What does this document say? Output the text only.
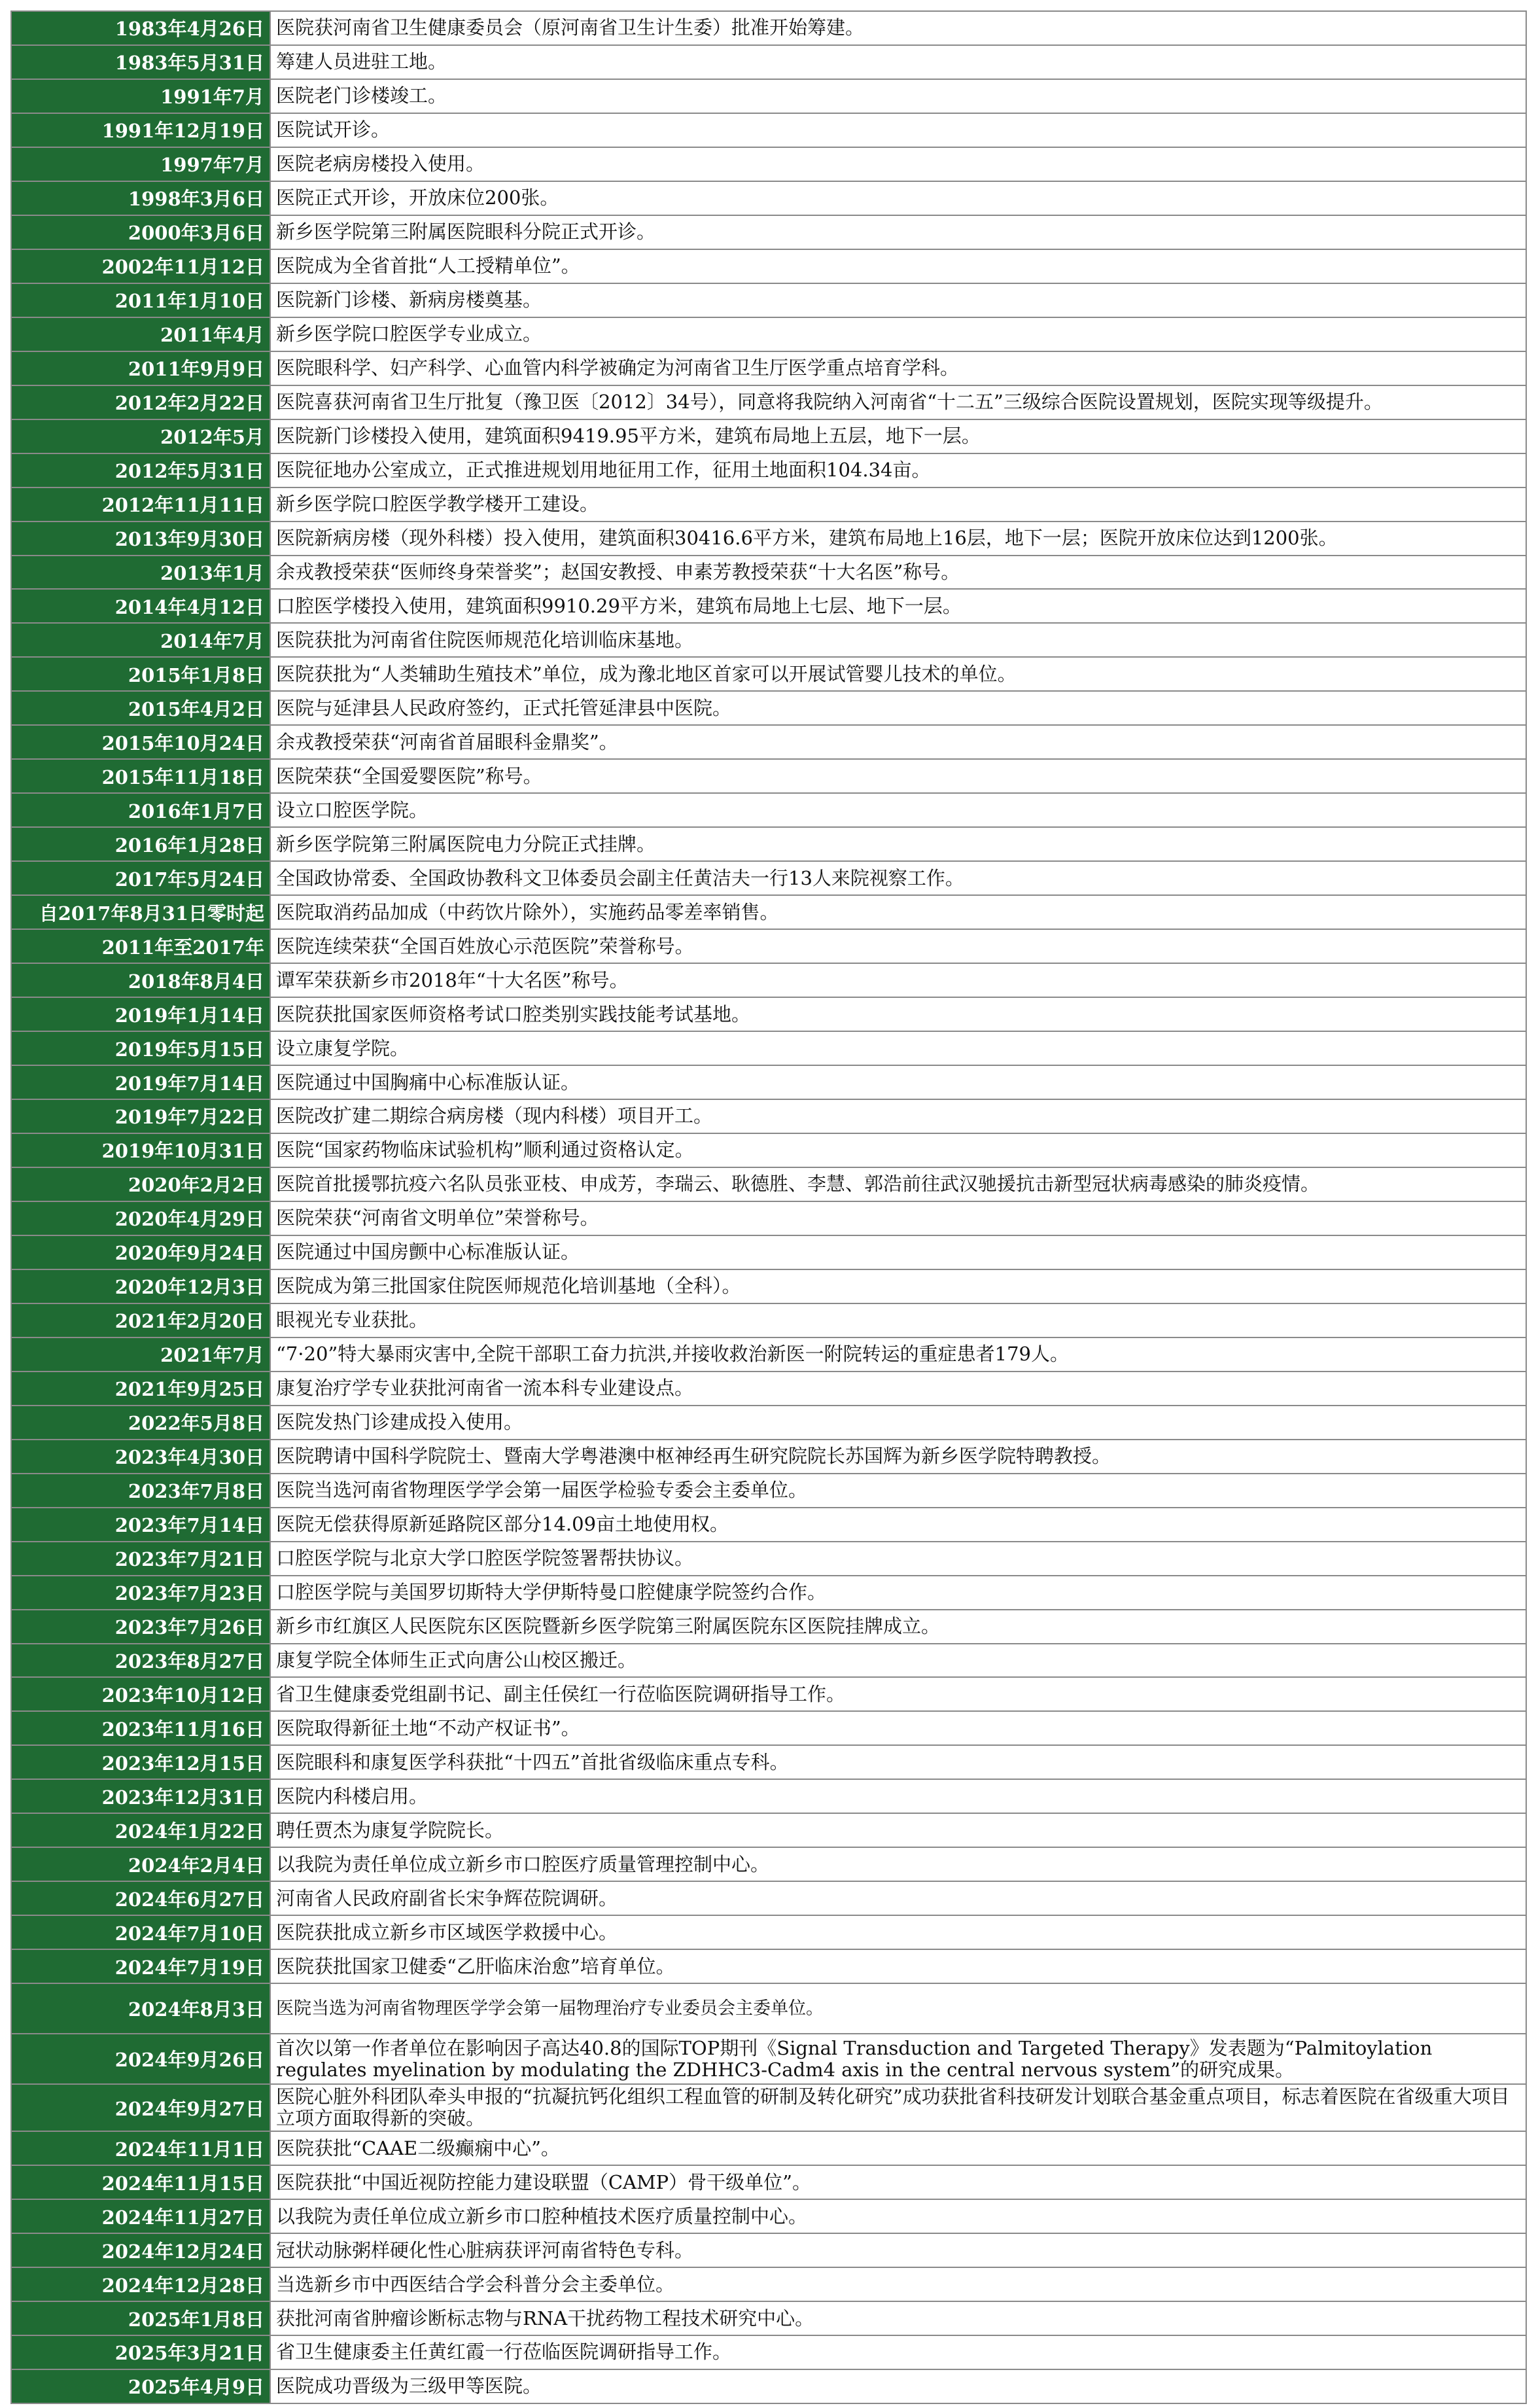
1983年4月26日	医院获河南省卫生健康委员会（原河南省卫生计生委）批准开始筹建。
1983年5月31日	筹建人员进驻工地。
1991年7月	医院老门诊楼竣工。
1991年12月19日	医院试开诊。
1997年7月	医院老病房楼投入使用。
1998年3月6日	医院正式开诊，开放床位200张。
2000年3月6日	新乡医学院第三附属医院眼科分院正式开诊。
2002年11月12日	医院成为全省首批“人工授精单位”。
2011年1月10日	医院新门诊楼、新病房楼奠基。
2011年4月	新乡医学院口腔医学专业成立。
2011年9月9日	医院眼科学、妇产科学、心血管内科学被确定为河南省卫生厅医学重点培育学科。
2012年2月22日	医院喜获河南省卫生厅批复（豫卫医〔2012〕34号），同意将我院纳入河南省“十二五”三级综合医院设置规划，医院实现等级提升。
2012年5月	医院新门诊楼投入使用，建筑面积9419.95平方米，建筑布局地上五层，地下一层。
2012年5月31日	医院征地办公室成立，正式推进规划用地征用工作，征用土地面积104.34亩。
2012年11月11日	新乡医学院口腔医学教学楼开工建设。
2013年9月30日	医院新病房楼（现外科楼）投入使用，建筑面积30416.6平方米，建筑布局地上16层，地下一层；医院开放床位达到1200张。
2013年1月	余戎教授荣获“医师终身荣誉奖”；赵国安教授、申素芳教授荣获“十大名医”称号。
2014年4月12日	口腔医学楼投入使用，建筑面积9910.29平方米，建筑布局地上七层、地下一层。
2014年7月	医院获批为河南省住院医师规范化培训临床基地。
2015年1月8日	医院获批为“人类辅助生殖技术”单位，成为豫北地区首家可以开展试管婴儿技术的单位。
2015年4月2日	医院与延津县人民政府签约，正式托管延津县中医院。
2015年10月24日	余戎教授荣获“河南省首届眼科金鼎奖”。
2015年11月18日	医院荣获“全国爱婴医院”称号。
2016年1月7日	设立口腔医学院。
2016年1月28日	新乡医学院第三附属医院电力分院正式挂牌。
2017年5月24日	全国政协常委、全国政协教科文卫体委员会副主任黄洁夫一行13人来院视察工作。
自2017年8月31日零时起	医院取消药品加成（中药饮片除外），实施药品零差率销售。
2011年至2017年	医院连续荣获“全国百姓放心示范医院”荣誉称号。
2018年8月4日	谭军荣获新乡市2018年“十大名医”称号。
2019年1月14日	医院获批国家医师资格考试口腔类别实践技能考试基地。
2019年5月15日	设立康复学院。
2019年7月14日	医院通过中国胸痛中心标准版认证。
2019年7月22日	医院改扩建二期综合病房楼（现内科楼）项目开工。
2019年10月31日	医院“国家药物临床试验机构”顺利通过资格认定。
2020年2月2日	医院首批援鄂抗疫六名队员张亚枝、申成芳，李瑞云、耿德胜、李慧、郭浩前往武汉驰援抗击新型冠状病毒感染的肺炎疫情。
2020年4月29日	医院荣获“河南省文明单位”荣誉称号。
2020年9月24日	医院通过中国房颤中心标准版认证。
2020年12月3日	医院成为第三批国家住院医师规范化培训基地（全科）。
2021年2月20日	眼视光专业获批。
2021年7月	“7·20”特大暴雨灾害中,全院干部职工奋力抗洪,并接收救治新医一附院转运的重症患者179人。
2021年9月25日	康复治疗学专业获批河南省一流本科专业建设点。
2022年5月8日	医院发热门诊建成投入使用。
2023年4月30日	医院聘请中国科学院院士、暨南大学粤港澳中枢神经再生研究院院长苏国辉为新乡医学院特聘教授。
2023年7月8日	医院当选河南省物理医学学会第一届医学检验专委会主委单位。
2023年7月14日	医院无偿获得原新延路院区部分14.09亩土地使用权。
2023年7月21日	口腔医学院与北京大学口腔医学院签署帮扶协议。
2023年7月23日	口腔医学院与美国罗切斯特大学伊斯特曼口腔健康学院签约合作。
2023年7月26日	新乡市红旗区人民医院东区医院暨新乡医学院第三附属医院东区医院挂牌成立。
2023年8月27日	康复学院全体师生正式向唐公山校区搬迁。
2023年10月12日	省卫生健康委党组副书记、副主任侯红一行莅临医院调研指导工作。
2023年11月16日	医院取得新征土地“不动产权证书”。
2023年12月15日	医院眼科和康复医学科获批“十四五”首批省级临床重点专科。
2023年12月31日	医院内科楼启用。
2024年1月22日	聘任贾杰为康复学院院长。
2024年2月4日	以我院为责任单位成立新乡市口腔医疗质量管理控制中心。
2024年6月27日	河南省人民政府副省长宋争辉莅院调研。
2024年7月10日	医院获批成立新乡市区域医学救援中心。
2024年7月19日	医院获批国家卫健委“乙肝临床治愈”培育单位。
2024年8月3日	医院当选为河南省物理医学学会第一届物理治疗专业委员会主委单位。
2024年9月26日	首次以第一作者单位在影响因子高达40.8的国际TOP期刊《Signal Transduction and Targeted Therapy》发表题为“Palmitoylation regulates myelination by modulating the ZDHHC3-Cadm4 axis in the central nervous system”的研究成果。
2024年9月27日	医院心脏外科团队牵头申报的“抗凝抗钙化组织工程血管的研制及转化研究”成功获批省科技研发计划联合基金重点项目，标志着医院在省级重大项目立项方面取得新的突破。
2024年11月1日	医院获批“CAAE二级癫痫中心”。
2024年11月15日	医院获批“中国近视防控能力建设联盟（CAMP）骨干级单位”。
2024年11月27日	以我院为责任单位成立新乡市口腔种植技术医疗质量控制中心。
2024年12月24日	冠状动脉粥样硬化性心脏病获评河南省特色专科。
2024年12月28日	当选新乡市中西医结合学会科普分会主委单位。
2025年1月8日	获批河南省肿瘤诊断标志物与RNA干扰药物工程技术研究中心。
2025年3月21日	省卫生健康委主任黄红霞一行莅临医院调研指导工作。
2025年4月9日	医院成功晋级为三级甲等医院。
